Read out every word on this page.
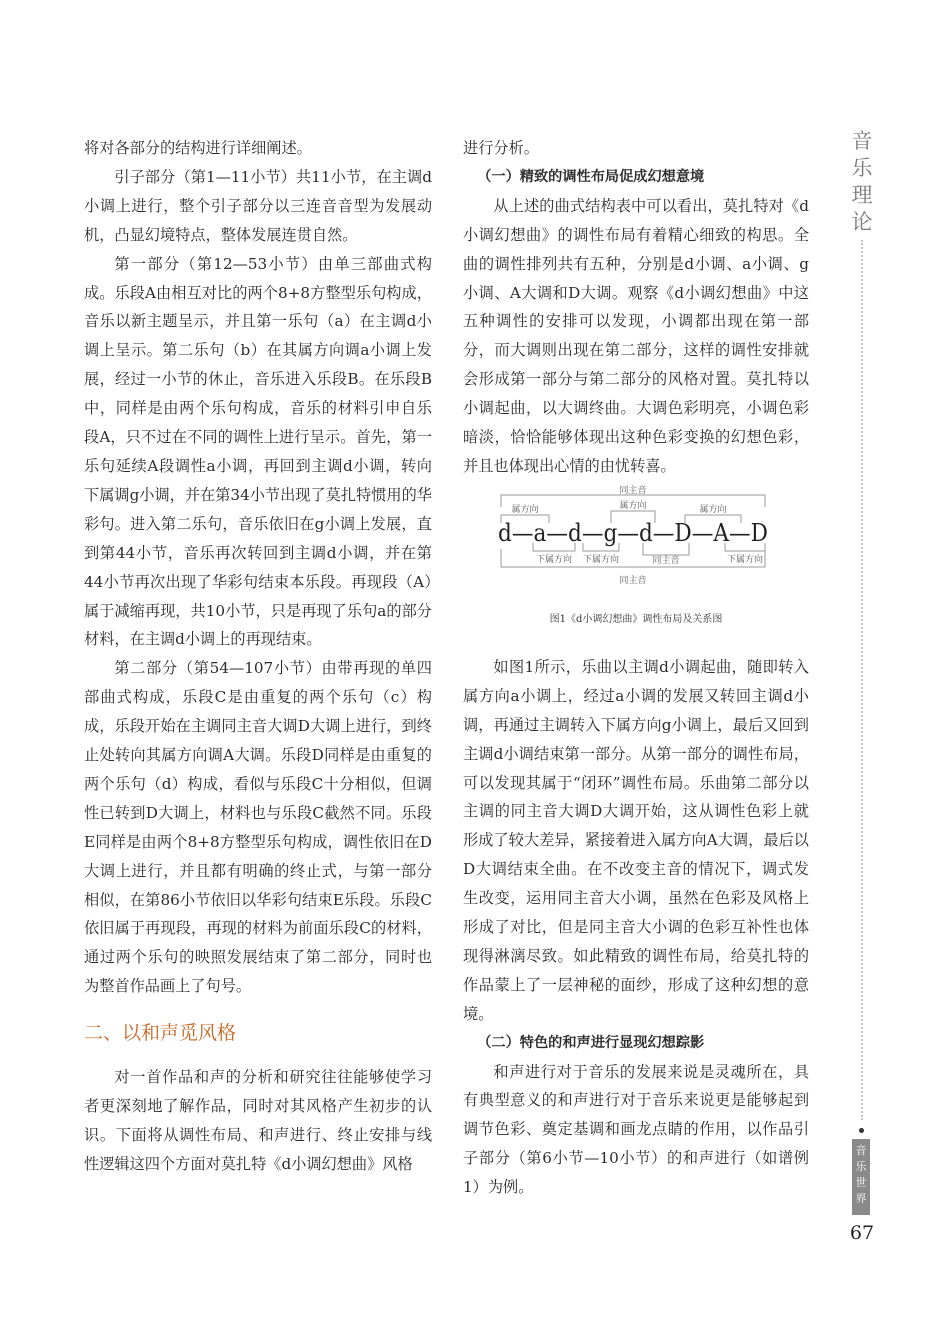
将对各部分的结构进行详细阐述。

引子部分（第1—11小节）共11小节，在主调d小调上进行，整个引子部分以三连音音型为发展动机，凸显幻境特点，整体发展连贯自然。

第一部分（第12—53小节）由单三部曲式构成。乐段A由相互对比的两个8+8方整型乐句构成，音乐以新主题呈示，并且第一乐句（a）在主调d小调上呈示。第二乐句（b）在其属方向调a小调上发展，经过一小节的休止，音乐进入乐段B。在乐段B中，同样是由两个乐句构成，音乐的材料引申自乐段A，只不过在不同的调性上进行呈示。首先，第一乐句延续A段调性a小调，再回到主调d小调，转向下属调g小调，并在第34小节出现了莫扎特惯用的华彩句。进入第二乐句，音乐依旧在g小调上发展，直到第44小节，音乐再次转回到主调d小调，并在第44小节再次出现了华彩句结束本乐段。再现段（A）属于减缩再现，共10小节，只是再现了乐句a的部分材料，在主调d小调上的再现结束。

第二部分（第54—107小节）由带再现的单四部曲式构成，乐段C是由重复的两个乐句（c）构成，乐段开始在主调同主音大调D大调上进行，到终止处转向其属方向调A大调。乐段D同样是由重复的两个乐句（d）构成，看似与乐段C十分相似，但调性已转到D大调上，材料也与乐段C截然不同。乐段E同样是由两个8+8方整型乐句构成，调性依旧在D大调上进行，并且都有明确的终止式，与第一部分相似，在第86小节依旧以华彩句结束E乐段。乐段C依旧属于再现段，再现的材料为前面乐段C的材料，通过两个乐句的映照发展结束了第二部分，同时也为整首作品画上了句号。

二、以和声觅风格

对一首作品和声的分析和研究往往能够使学习者更深刻地了解作品，同时对其风格产生初步的认识。下面将从调性布局、和声进行、终止安排与线性逻辑这四个方面对莫扎特《d小调幻想曲》风格

进行分析。

（一）精致的调性布局促成幻想意境

从上述的曲式结构表中可以看出，莫扎特对《d小调幻想曲》的调性布局有着精心细致的构思。全曲的调性排列共有五种，分别是d小调、a小调、g小调、A大调和D大调。观察《d小调幻想曲》中这五种调性的安排可以发现，小调都出现在第一部分，而大调则出现在第二部分，这样的调性安排就会形成第一部分与第二部分的风格对置。莫扎特以小调起曲，以大调终曲。大调色彩明亮，小调色彩暗淡，恰恰能够体现出这种色彩变换的幻想色彩，并且也体现出心情的由忧转喜。

同主音
属方向	属方向	属方向
d—a—d—g—d—D—A—D
下属方向 下属方向	同主音	下属方向
同主音
图1《d小调幻想曲》调性布局及关系图

如图1所示，乐曲以主调d小调起曲，随即转入属方向a小调上，经过a小调的发展又转回主调d小调，再通过主调转入下属方向g小调上，最后又回到主调d小调结束第一部分。从第一部分的调性布局，可以发现其属于“闭环”调性布局。乐曲第二部分以主调的同主音大调D大调开始，这从调性色彩上就形成了较大差异，紧接着进入属方向A大调，最后以D大调结束全曲。在不改变主音的情况下，调式发生改变，运用同主音大小调，虽然在色彩及风格上形成了对比，但是同主音大小调的色彩互补性也体现得淋漓尽致。如此精致的调性布局，给莫扎特的作品蒙上了一层神秘的面纱，形成了这种幻想的意境。

（二）特色的和声进行显现幻想踪影

和声进行对于音乐的发展来说是灵魂所在，具有典型意义的和声进行对于音乐来说更是能够起到调节色彩、奠定基调和画龙点睛的作用，以作品引子部分（第6小节—10小节）的和声进行（如谱例1）为例。

音
乐
理
论
音
乐
世
界
67
